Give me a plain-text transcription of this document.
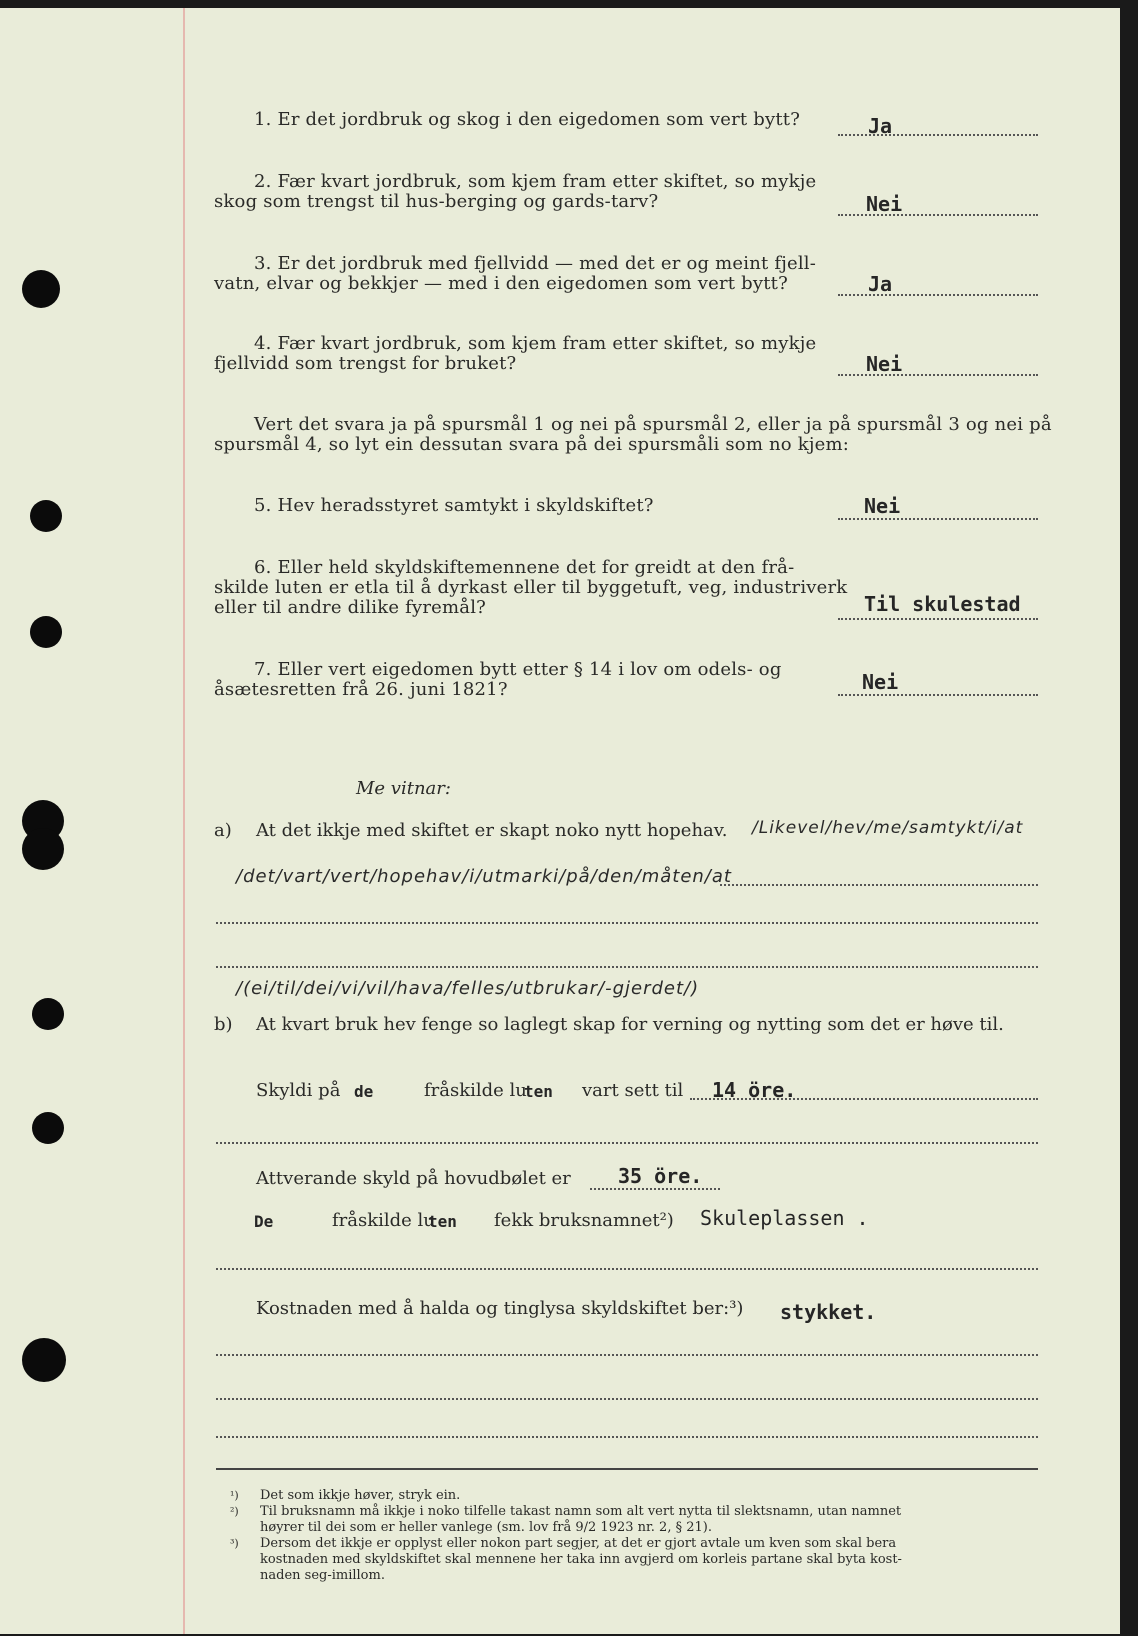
1. Er det jordbruk og skog i den eigedomen som vert bytt?	Ja
2. Fær kvart jordbruk, som kjem fram etter skiftet, so mykje
skog som trengst til hus-berging og gards-tarv?	Nei
3. Er det jordbruk med fjellvidd — med det er og meint fjell-
vatn, elvar og bekkjer — med i den eigedomen som vert bytt?	Ja
4. Fær kvart jordbruk, som kjem fram etter skiftet, so mykje
fjellvidd som trengst for bruket?	Nei
Vert det svara ja på spursmål 1 og nei på spursmål 2, eller ja på spursmål 3 og nei på
spursmål 4, so lyt ein dessutan svara på dei spursmåli som no kjem:
5. Hev heradsstyret samtykt i skyldskiftet?	Nei
6. Eller held skyldskiftemennene det for greidt at den frå-
skilde luten er etla til å dyrkast eller til byggetuft, veg, industriverk
eller til andre dilike fyremål?	Til skulestad
7. Eller vert eigedomen bytt etter § 14 i lov om odels- og
åsætesretten frå 26. juni 1821?	Nei
Me vitnar:
a) At det ikkje med skiftet er skapt noko nytt hopehav. /Likevel/hev/me/samtykt/i/at
/det/vart/vert/hopehav/i/utmarki/på/den/måten/at
/(ei/til/dei/vi/vil/hava/felles/utbrukar/-gjerdet/)
b) At kvart bruk hev fenge so laglegt skap for verning og nytting som det er høve til.
Skyldi på de	fråskilde lu
ten vart sett til 14 öre.
Attverande skyld på hovudbølet er 35 öre.
De	fråskilde lu
ten fekk bruksnamnet²) Skuleplassen .
Kostnaden med å halda og tinglysa skyldskiftet ber:³) stykket.
¹)	Det som ikkje høver, stryk ein.
²)	Til bruksnamn må ikkje i noko tilfelle takast namn som alt vert nytta til slektsnamn, utan namnet
høyrer til dei som er heller vanlege (sm. lov frå 9/2 1923 nr. 2, § 21).
³)	Dersom det ikkje er opplyst eller nokon part segjer, at det er gjort avtale um kven som skal bera
kostnaden med skyldskiftet skal mennene her taka inn avgjerd om korleis partane skal byta kost-
naden seg-imillom.
